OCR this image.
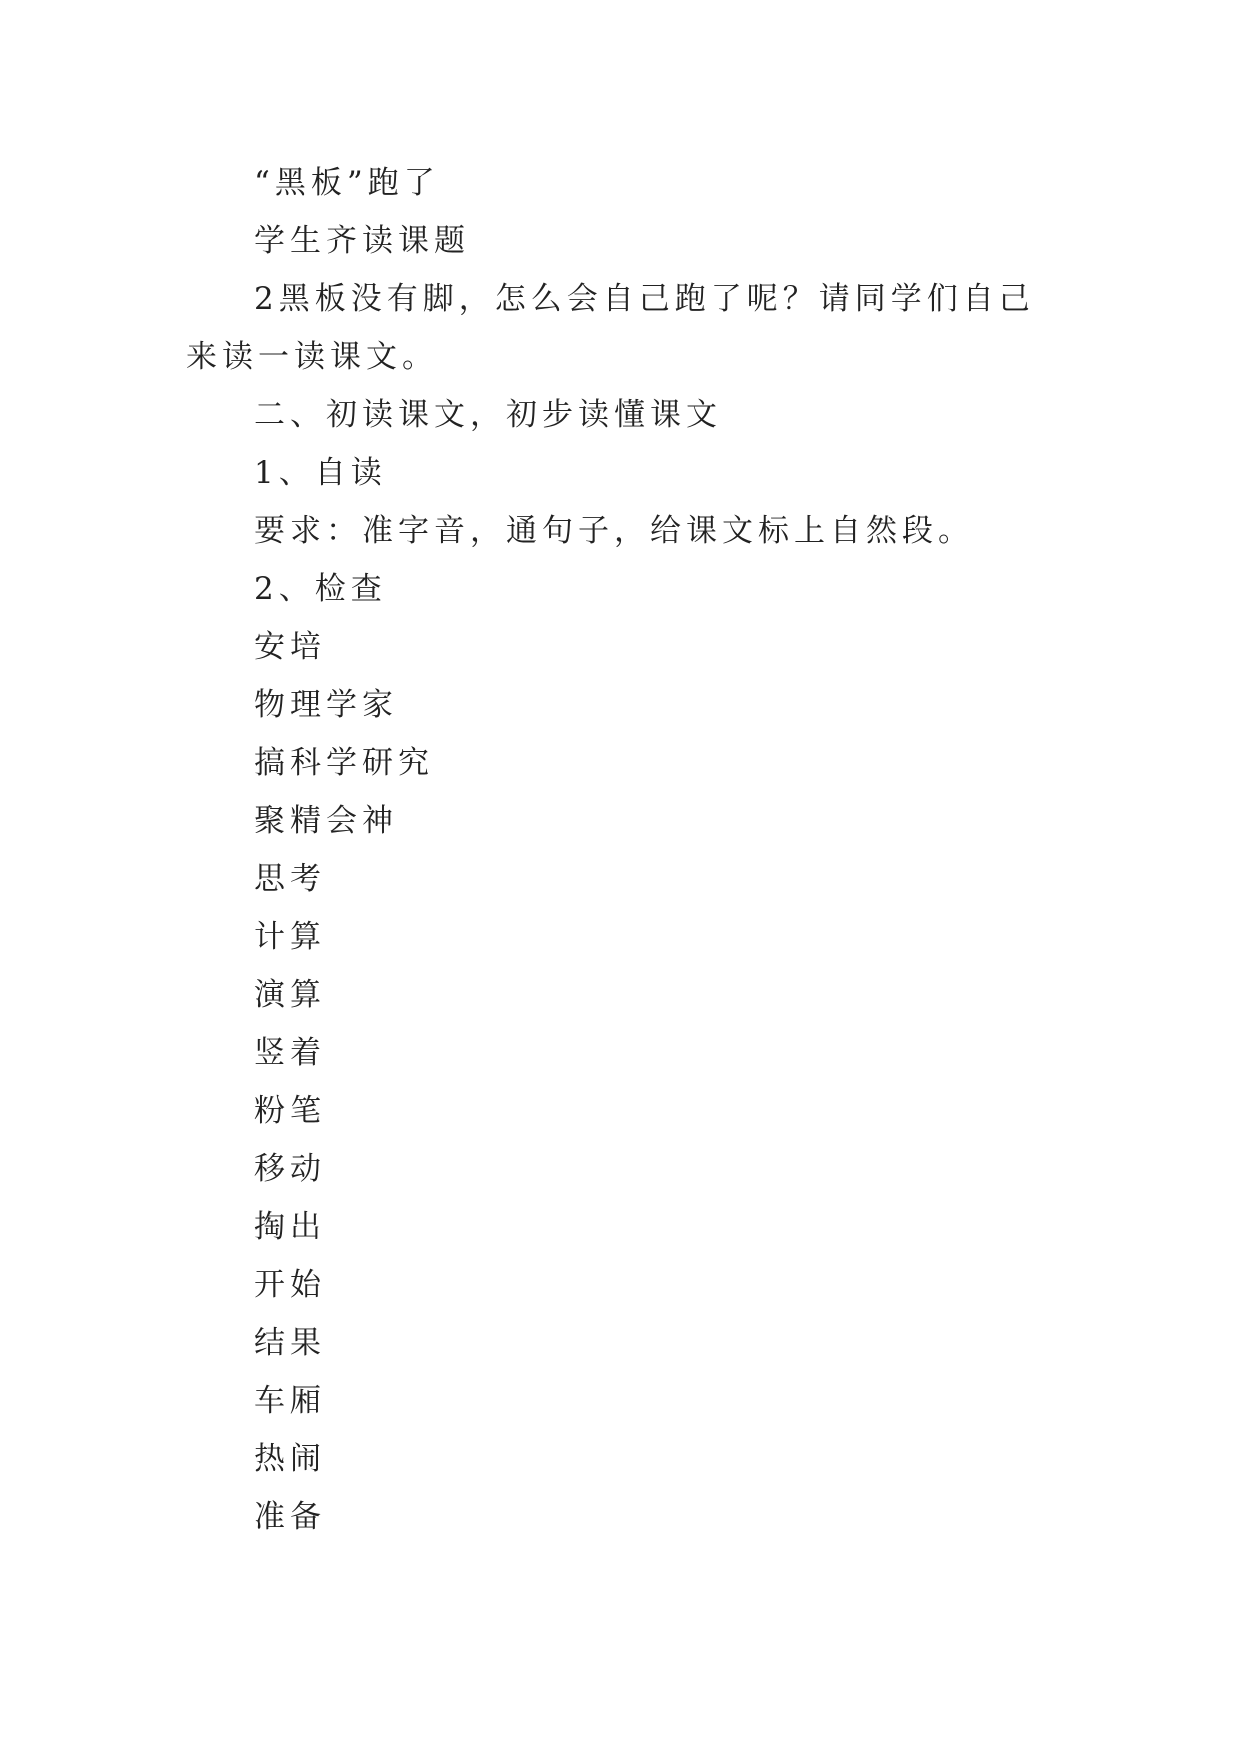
“黑板”跑了
学生齐读课题
2黑板没有脚，怎么会自己跑了呢？请同学们自己来读一读课文。
二、初读课文，初步读懂课文
1、自读
要求：准字音，通句子，给课文标上自然段。
2、检查
安培
物理学家
搞科学研究
聚精会神
思考
计算
演算
竖着
粉笔
移动
掏出
开始
结果
车厢
热闹
准备
